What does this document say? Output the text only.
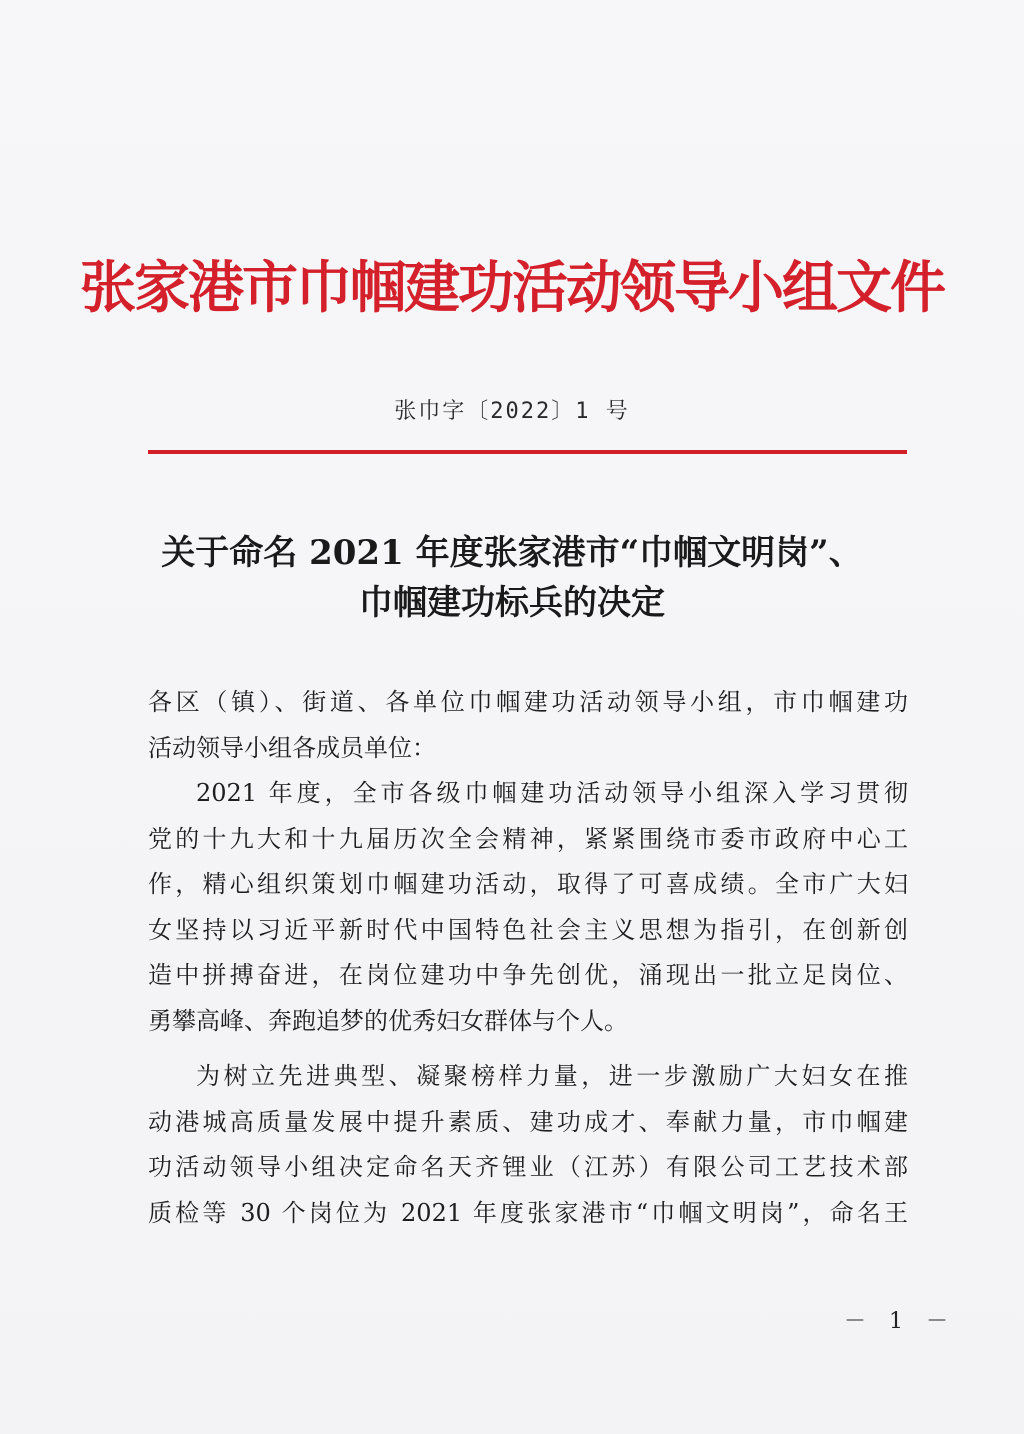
张家港市巾帼建功活动领导小组文件
张巾字〔2022〕1 号
关于命名 2021 年度张家港市“巾帼文明岗”、
巾帼建功标兵的决定
各区（镇）、街道、各单位巾帼建功活动领导小组，市巾帼建功
活动领导小组各成员单位：
2021 年度，全市各级巾帼建功活动领导小组深入学习贯彻
党的十九大和十九届历次全会精神，紧紧围绕市委市政府中心工
作，精心组织策划巾帼建功活动，取得了可喜成绩。全市广大妇
女坚持以习近平新时代中国特色社会主义思想为指引，在创新创
造中拼搏奋进，在岗位建功中争先创优，涌现出一批立足岗位、
勇攀高峰、奔跑追梦的优秀妇女群体与个人。
为树立先进典型、凝聚榜样力量，进一步激励广大妇女在推
动港城高质量发展中提升素质、建功成才、奉献力量，市巾帼建
功活动领导小组决定命名天齐锂业（江苏）有限公司工艺技术部
质检等 30 个岗位为 2021 年度张家港市“巾帼文明岗”，命名王
－ 1 －
